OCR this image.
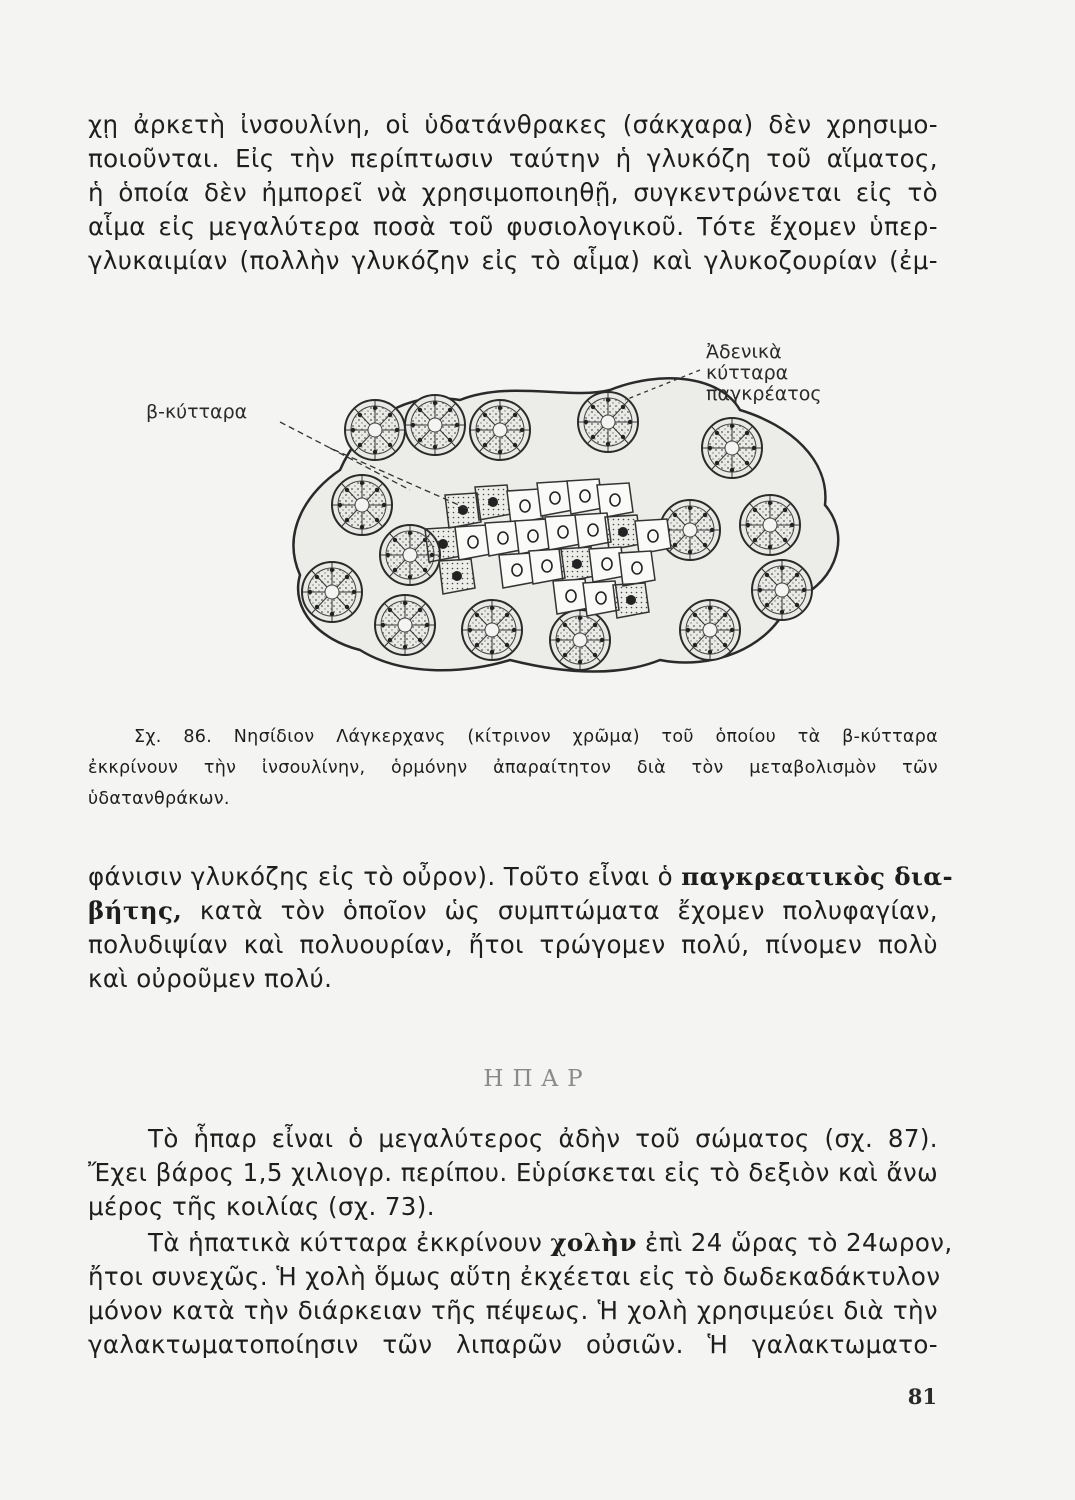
χῃ ἀρκετὴ ἰνσουλίνη, οἱ ὑδατάνθρακες (σάκχαρα) δὲν χρησιμο-
ποιοῦνται. Εἰς τὴν περίπτωσιν ταύτην ἡ γλυκόζη τοῦ αἵματος,
ἡ ὁποία δὲν ἠμπορεῖ νὰ χρησιμοποιηθῇ, συγκεντρώνεται εἰς τὸ
αἷμα εἰς μεγαλύτερα ποσὰ τοῦ φυσιολογικοῦ. Τότε ἔχομεν ὑπερ-
γλυκαιμίαν (πολλὴν γλυκόζην εἰς τὸ αἷμα) καὶ γλυκοζουρίαν (ἐμ-
β-κύτταρα
Ἀδενικὰ
κύτταρα
παγκρέατος
Σχ. 86. Νησίδιον Λάγκερχανς (κίτρινον χρῶμα) τοῦ ὁποίου τὰ β-κύτταρα
ἐκκρίνουν τὴν ἰνσουλίνην, ὁρμόνην ἀπαραίτητον διὰ τὸν μεταβολισμὸν τῶν
ὑδατανθράκων.
φάνισιν γλυκόζης εἰς τὸ οὖρον). Τοῦτο εἶναι ὁ παγκρεατικὸς δια-
βήτης, κατὰ τὸν ὁποῖον ὡς συμπτώματα ἔχομεν πολυφαγίαν,
πολυδιψίαν καὶ πολυουρίαν, ἤτοι τρώγομεν πολύ, πίνομεν πολὺ
καὶ οὐροῦμεν πολύ.
ΗΠΑΡ
Τὸ ἧπαρ εἶναι ὁ μεγαλύτερος ἀδὴν τοῦ σώματος (σχ. 87).
Ἔχει βάρος 1,5 χιλιογρ. περίπου. Εὑρίσκεται εἰς τὸ δεξιὸν καὶ ἄνω
μέρος τῆς κοιλίας (σχ. 73).
Τὰ ἡπατικὰ κύτταρα ἐκκρίνουν χολὴν ἐπὶ 24 ὥρας τὸ 24ωρον,
ἤτοι συνεχῶς. Ἡ χολὴ ὅμως αὕτη ἐκχέεται εἰς τὸ δωδεκαδάκτυλον
μόνον κατὰ τὴν διάρκειαν τῆς πέψεως. Ἡ χολὴ χρησιμεύει διὰ τὴν
γαλακτωματοποίησιν τῶν λιπαρῶν οὐσιῶν. Ἡ γαλακτωματο-
81
